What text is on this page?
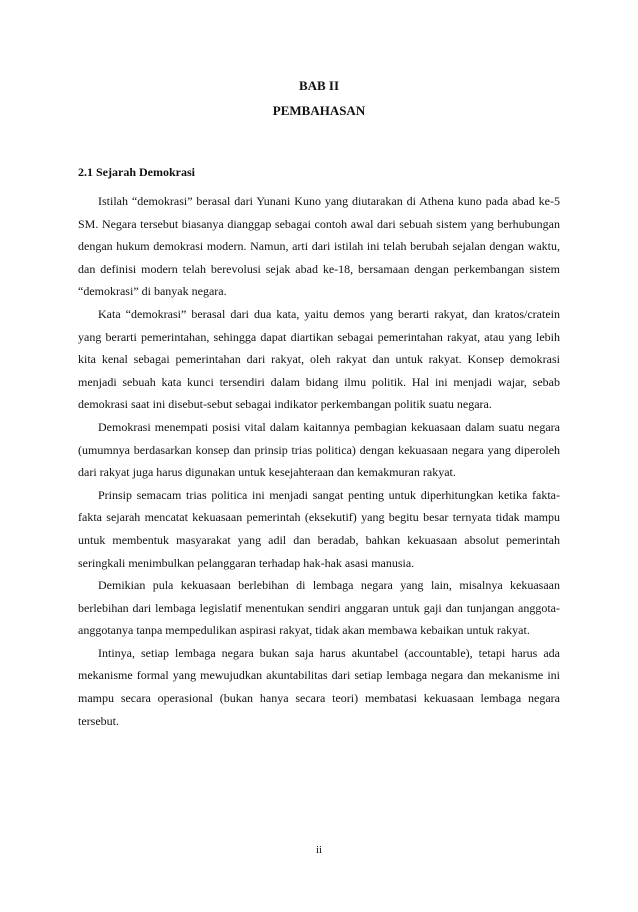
BAB II
PEMBAHASAN
2.1 Sejarah Demokrasi

Istilah “demokrasi” berasal dari Yunani Kuno yang diutarakan di Athena kuno pada abad ke-5 SM. Negara tersebut biasanya dianggap sebagai contoh awal dari sebuah sistem yang berhubungan dengan hukum demokrasi modern. Namun, arti dari istilah ini telah berubah sejalan dengan waktu, dan definisi modern telah berevolusi sejak abad ke-18, bersamaan dengan perkembangan sistem “demokrasi” di banyak negara.

Kata “demokrasi” berasal dari dua kata, yaitu demos yang berarti rakyat, dan kratos/cratein yang berarti pemerintahan, sehingga dapat diartikan sebagai pemerintahan rakyat, atau yang lebih kita kenal sebagai pemerintahan dari rakyat, oleh rakyat dan untuk rakyat. Konsep demokrasi menjadi sebuah kata kunci tersendiri dalam bidang ilmu politik. Hal ini menjadi wajar, sebab demokrasi saat ini disebut-sebut sebagai indikator perkembangan politik suatu negara.

Demokrasi menempati posisi vital dalam kaitannya pembagian kekuasaan dalam suatu negara (umumnya berdasarkan konsep dan prinsip trias politica) dengan kekuasaan negara yang diperoleh dari rakyat juga harus digunakan untuk kesejahteraan dan kemakmuran rakyat.

Prinsip semacam trias politica ini menjadi sangat penting untuk diperhitungkan ketika fakta-fakta sejarah mencatat kekuasaan pemerintah (eksekutif) yang begitu besar ternyata tidak mampu untuk membentuk masyarakat yang adil dan beradab, bahkan kekuasaan absolut pemerintah seringkali menimbulkan pelanggaran terhadap hak-hak asasi manusia.

Demikian pula kekuasaan berlebihan di lembaga negara yang lain, misalnya kekuasaan berlebihan dari lembaga legislatif menentukan sendiri anggaran untuk gaji dan tunjangan anggota-anggotanya tanpa mempedulikan aspirasi rakyat, tidak akan membawa kebaikan untuk rakyat.

Intinya, setiap lembaga negara bukan saja harus akuntabel (accountable), tetapi harus ada mekanisme formal yang mewujudkan akuntabilitas dari setiap lembaga negara dan mekanisme ini mampu secara operasional (bukan hanya secara teori) membatasi kekuasaan lembaga negara tersebut.

ii
